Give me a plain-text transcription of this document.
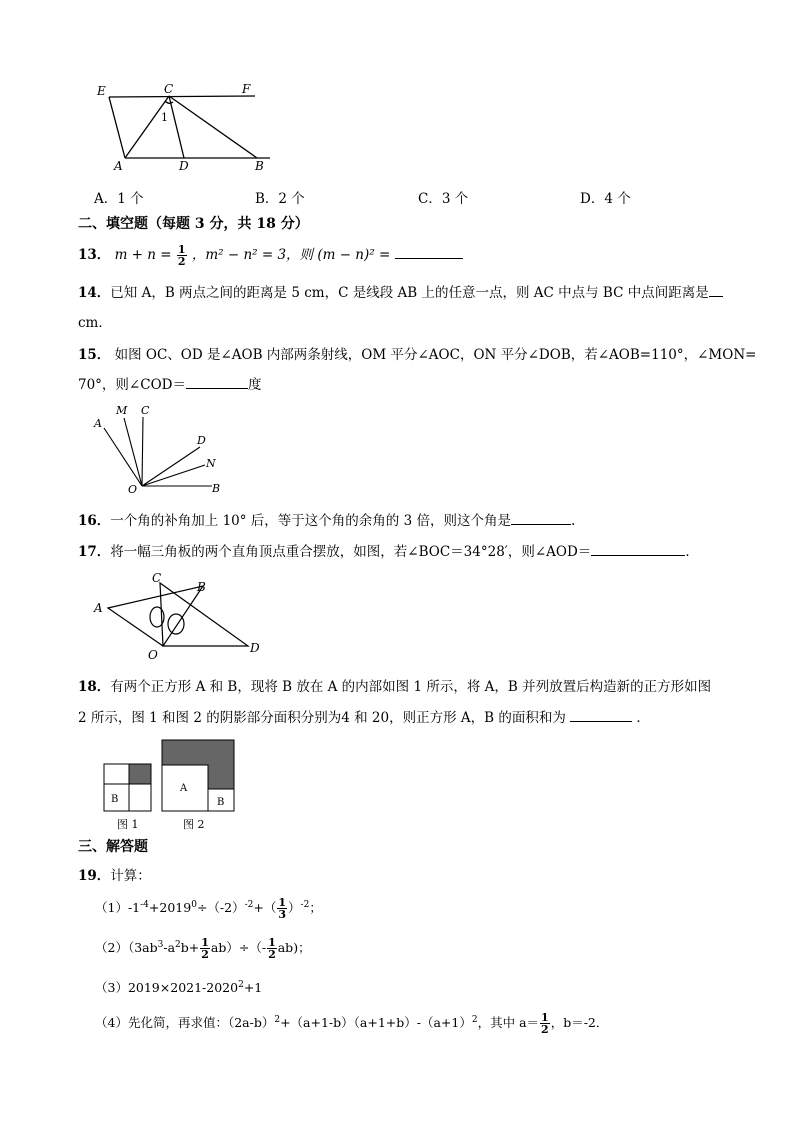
E	C	F
1
A	D	B
A．1 个	B．2 个	C．3 个	D．4 个
二、填空题（每题 3 分，共 18 分）
13． $m + n = \frac{1}{2}$ ，m² − n² = 3，则 (m − n)² =
14．已知 A，B 两点之间的距离是 5 cm，C 是线段 AB 上的任意一点，则 AC 中点与 BC 中点间距离是
cm．
15． 如图 OC、OD 是∠AOB 内部两条射线，OM 平分∠AOC，ON 平分∠DOB，若∠AOB=110°，∠MON=
70°，则∠COD＝	度
A
M C
D
N
O	B
16．一个角的补角加上 10° 后，等于这个角的余角的 3 倍，则这个角是	.
17．将一幅三角板的两个直角顶点重合摆放，如图，若∠BOC＝34°28′，则∠AOD＝	．
A
C
B
O	D
18．有两个正方形 A 和 B，现将 B 放在 A 的内部如图 1 所示，将 A，B 并列放置后构造新的正方形如图
2 所示，图 1 和图 2 的阴影部分面积分别为4 和 20，则正方形 A，B 的面积和为	．
B
A
B
图 1	图 2
三、解答题
19．计算：
$(1)-1^{-4}+2019^0\div(-2)^{-2}+( \frac{1}{3} )^{-2}$；
$(2)(3ab^3-a^2b+ \frac{1}{2} ab)\div(- \frac{1}{2} ab)$；
$(3)2019\times 2021-2020^2+1$
（4）先化简，再求值：$(2a-b)^2+(a+1-b)(a+1+b)-(a+1)^2$，其中 $a= \frac{1}{2}$ ，b＝-2．
